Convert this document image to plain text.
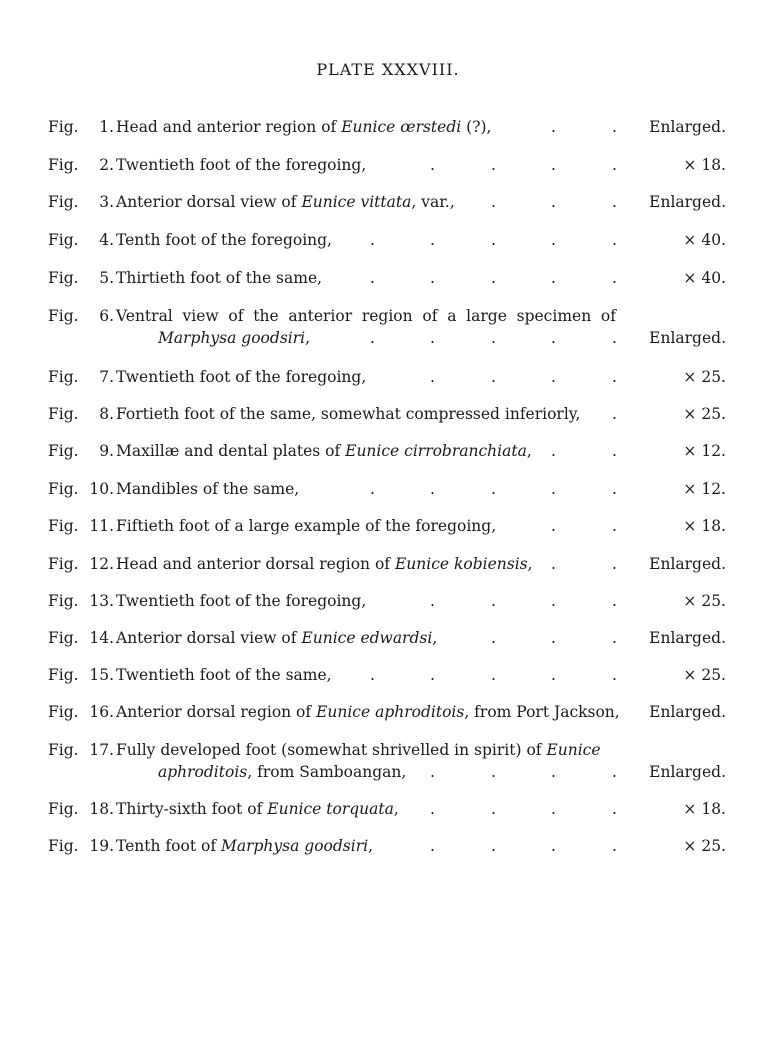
PLATE XXXVIII.
Fig. 1. Head and anterior region of Eunice œrstedi (?),	Enlarged.
.	.
Fig. 2. Twentieth foot of the foregoing,	× 18.
.	.	.	.
Fig. 3. Anterior dorsal view of Eunice vittata, var.,	Enlarged.
.	.	.
Fig. 4. Tenth foot of the foregoing,	× 40.
.	.	.	.	.
Fig. 5. Thirtieth foot of the same,	× 40.
.	.	.	.	.
Fig. 6. Ventral view of the anterior region of a large specimen of
Marphysa goodsiri,	Enlarged.
.	.	.	.	.
Fig. 7. Twentieth foot of the foregoing,	× 25.
.	.	.	.
Fig. 8. Fortieth foot of the same, somewhat compressed inferiorly,	× 25.
.
Fig. 9. Maxillæ and dental plates of Eunice cirrobranchiata,	× 12.
.	.
Fig. 10. Mandibles of the same,	× 12.
.	.	.	.	.
Fig. 11. Fiftieth foot of a large example of the foregoing,	× 18.
.	.
Fig. 12. Head and anterior dorsal region of Eunice kobiensis,	Enlarged.
.	.
Fig. 13. Twentieth foot of the foregoing,	× 25.
.	.	.	.
Fig. 14. Anterior dorsal view of Eunice edwardsi,	Enlarged.
.	.	.
Fig. 15. Twentieth foot of the same,	× 25.
.	.	.	.	.
Fig. 16. Anterior dorsal region of Eunice aphroditois, from Port Jackson, Enlarged.
Fig. 17. Fully developed foot (somewhat shrivelled in spirit) of Eunice
aphroditois, from Samboangan,	Enlarged.
.	.	.	.
Fig. 18. Thirty-sixth foot of Eunice torquata,	× 18.
.	.	.	.
Fig. 19. Tenth foot of Marphysa goodsiri,	× 25.
.	.	.	.
